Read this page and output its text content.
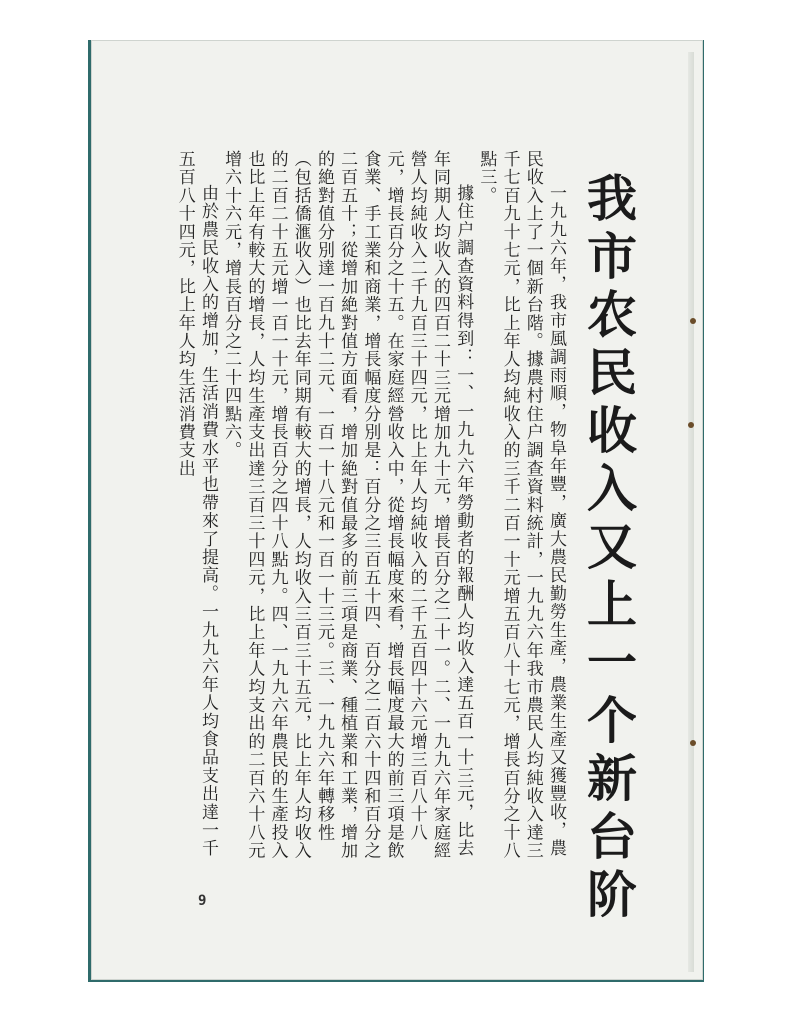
我市农民收入又上一个新台阶

一九九六年，我市風調雨順，物阜年豐，廣大農民勤勞生產，農業生產又獲豐收，農民收入上了一個新台階。據農村住户調查資料統計，一九九六年我市農民人均純收入達三千七百九十七元，比上年人均純收入的三千二百一十元增五百八十七元，增長百分之十八點三。

據住户調查資料得到：一、一九九六年勞動者的報酬人均收入達五百一十三元，比去年同期人均收入的四百二十三元增加九十元，增長百分之二十一。二、一九九六年家庭經營人均純收入二千九百三十四元，比上年人均純收入的二千五百四十六元增三百八十八元，增長百分之十五。在家庭經營收入中，從增長幅度來看，增長幅度最大的前三項是飲食業、手工業和商業，增長幅度分別是：百分之三百五十四、百分之二百六十四和百分之二百五十；從增加絶對值方面看，增加絶對值最多的前三項是商業、種植業和工業，增加的絶對值分別達一百九十二元、一百一十八元和一百一十三元。三、一九九六年轉移性（包括僑滙收入）也比去年同期有較大的增長，人均收入三百三十五元，比上年人均收入的二百二十五元增一百一十元，增長百分之四十八點九。四、一九九六年農民的生產投入也比上年有較大的增長，人均生產支出達三百三十四元，比上年人均支出的二百六十八元增六十六元，增長百分之二十四點六。

由於農民收入的增加，生活消費水平也帶來了提高。一九九六年人均食品支出達一千五百八十四元，比上年人均生活消費支出

9
